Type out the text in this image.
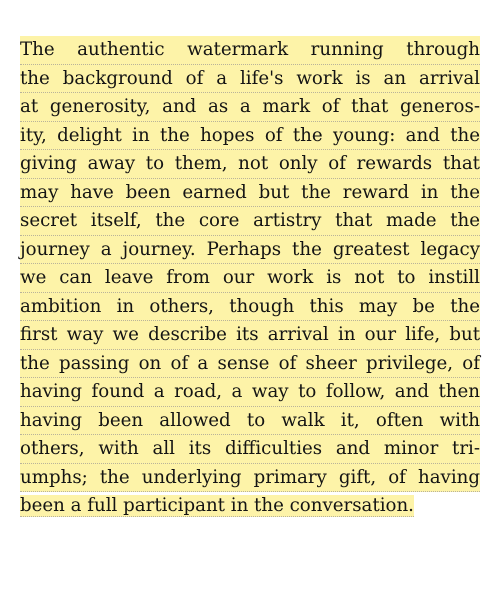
The authentic watermark running through
the background of a life's work is an arrival
at generosity, and as a mark of that generos-
ity, delight in the hopes of the young: and the
giving away to them, not only of rewards that
may have been earned but the reward in the
secret itself, the core artistry that made the
journey a journey. Perhaps the greatest legacy
we can leave from our work is not to instill
ambition in others, though this may be the
first way we describe its arrival in our life, but
the passing on of a sense of sheer privilege, of
having found a road, a way to follow, and then
having been allowed to walk it, often with
others, with all its difficulties and minor tri-
umphs; the underlying primary gift, of having
been a full participant in the conversation.
